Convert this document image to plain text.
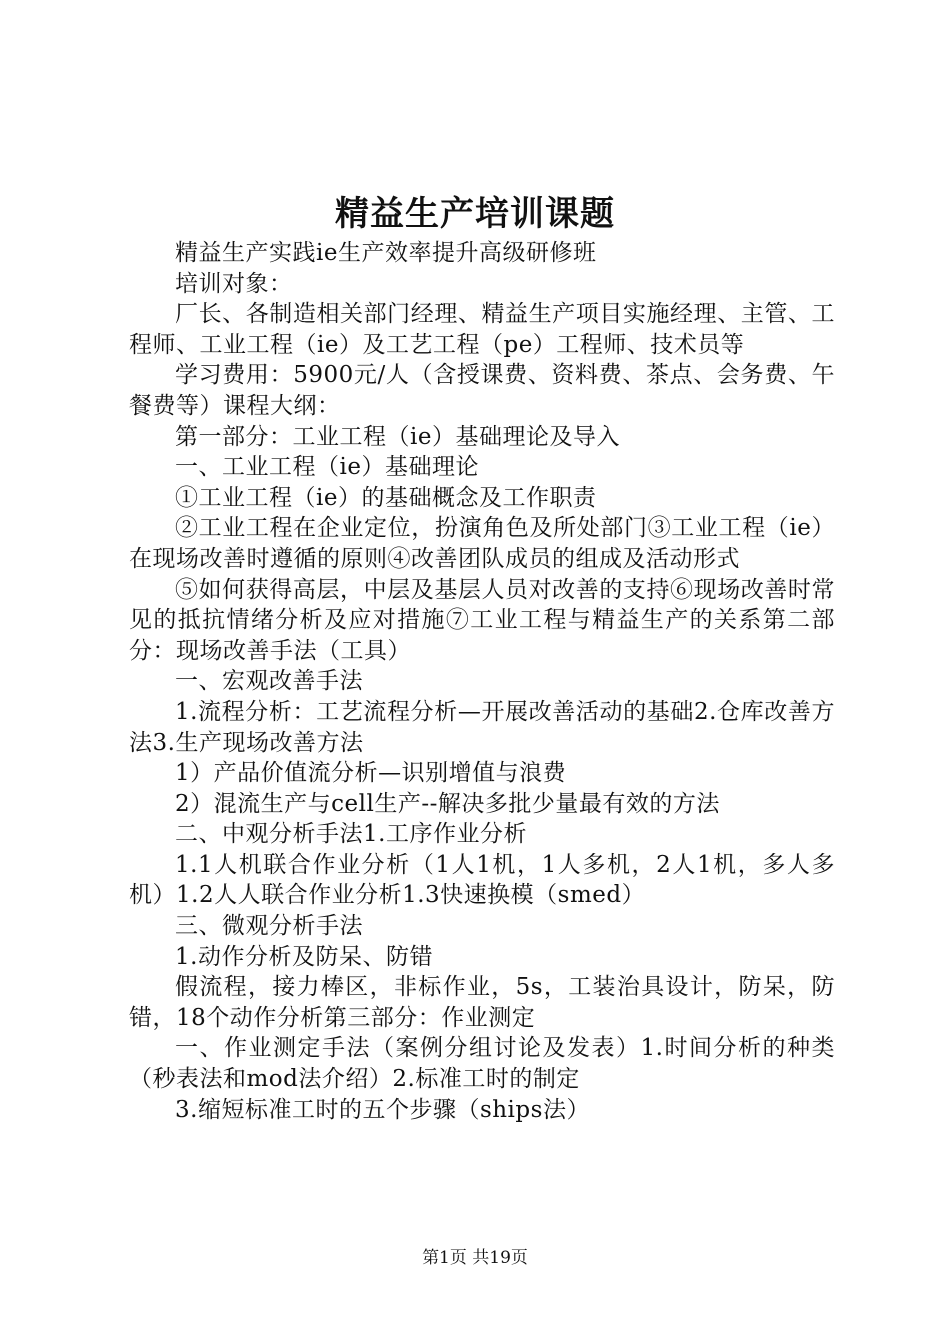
精益生产培训课题

精益生产实践ie生产效率提升高级研修班

培训对象：

厂长、各制造相关部门经理、精益生产项目实施经理、主管、工程师、工业工程（ie）及工艺工程（pe）工程师、技术员等

学习费用：5900元/人（含授课费、资料费、茶点、会务费、午餐费等）课程大纲：

第一部分：工业工程（ie）基础理论及导入

一、工业工程（ie）基础理论

①工业工程（ie）的基础概念及工作职责

②工业工程在企业定位，扮演角色及所处部门③工业工程（ie）在现场改善时遵循的原则④改善团队成员的组成及活动形式

⑤如何获得高层，中层及基层人员对改善的支持⑥现场改善时常见的抵抗情绪分析及应对措施⑦工业工程与精益生产的关系第二部分：现场改善手法（工具）

一、宏观改善手法

1.流程分析：工艺流程分析—开展改善活动的基础2.仓库改善方法3.生产现场改善方法

1）产品价值流分析—识别增值与浪费

2）混流生产与cell生产--解决多批少量最有效的方法

二、中观分析手法1.工序作业分析

1.1人机联合作业分析（1人1机，1人多机，2人1机，多人多机）1.2人人联合作业分析1.3快速换模（smed）

三、微观分析手法

1.动作分析及防呆、防错

假流程，接力棒区，非标作业，5s，工装治具设计，防呆，防错，18个动作分析第三部分：作业测定

一、作业测定手法（案例分组讨论及发表）1.时间分析的种类（秒表法和mod法介绍）2.标准工时的制定

3.缩短标准工时的五个步骤（ships法）

第1页 共19页
